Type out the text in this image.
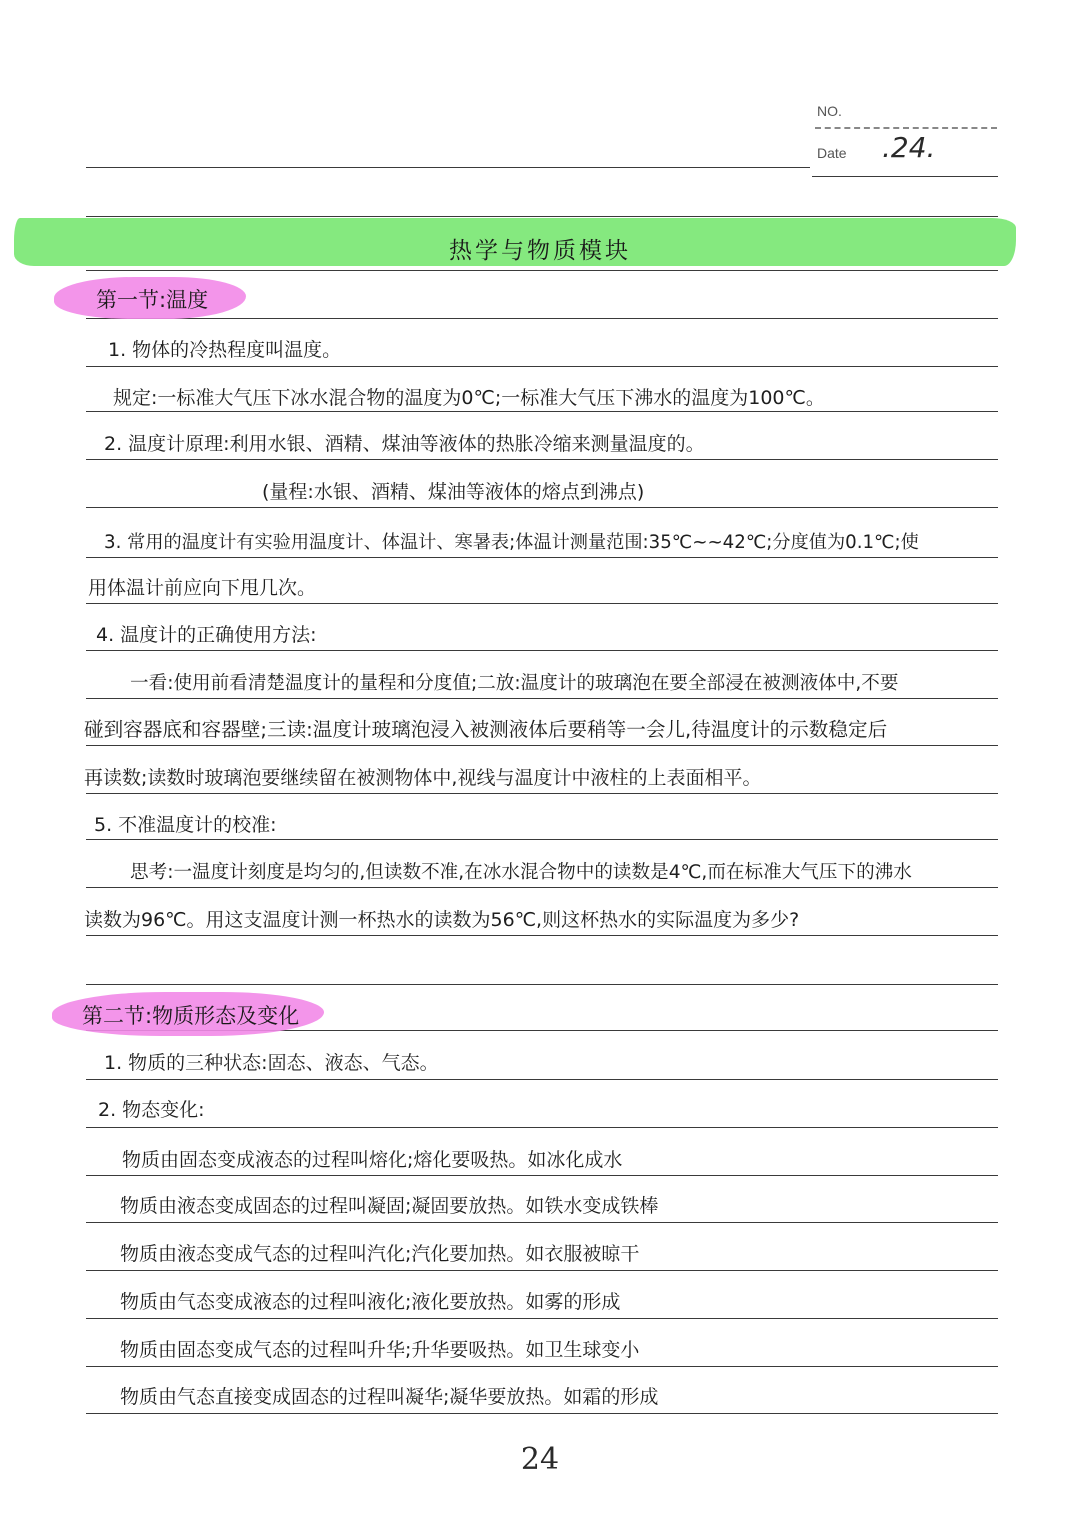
NO.
Date .24.
热学与物质模块
第一节:温度
1. 物体的冷热程度叫温度。
规定:一标准大气压下冰水混合物的温度为0℃;一标准大气压下沸水的温度为100℃。
2. 温度计原理:利用水银、酒精、煤油等液体的热胀冷缩来测量温度的。
(量程:水银、酒精、煤油等液体的熔点到沸点)
3. 常用的温度计有实验用温度计、体温计、寒暑表;体温计测量范围:35℃~~42℃;分度值为0.1℃;使
用体温计前应向下甩几次。
4. 温度计的正确使用方法:
一看:使用前看清楚温度计的量程和分度值;二放:温度计的玻璃泡在要全部浸在被测液体中,不要
碰到容器底和容器壁;三读:温度计玻璃泡浸入被测液体后要稍等一会儿,待温度计的示数稳定后
再读数;读数时玻璃泡要继续留在被测物体中,视线与温度计中液柱的上表面相平。
5. 不准温度计的校准:
思考:一温度计刻度是均匀的,但读数不准,在冰水混合物中的读数是4℃,而在标准大气压下的沸水
读数为96℃。用这支温度计测一杯热水的读数为56℃,则这杯热水的实际温度为多少?
第二节:物质形态及变化
1. 物质的三种状态:固态、液态、气态。
2. 物态变化:
物质由固态变成液态的过程叫熔化;熔化要吸热。如冰化成水
物质由液态变成固态的过程叫凝固;凝固要放热。如铁水变成铁棒
物质由液态变成气态的过程叫汽化;汽化要加热。如衣服被晾干
物质由气态变成液态的过程叫液化;液化要放热。如雾的形成
物质由固态变成气态的过程叫升华;升华要吸热。如卫生球变小
物质由气态直接变成固态的过程叫凝华;凝华要放热。如霜的形成
24
